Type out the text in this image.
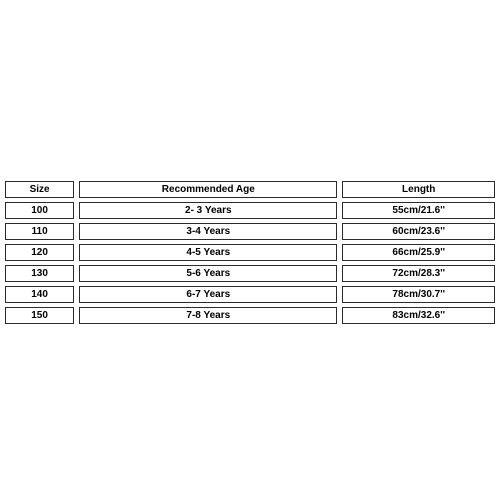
Size	Recommended Age	Length
100	2- 3 Years	55cm/21.6''
110	3-4 Years	60cm/23.6''
120	4-5 Years	66cm/25.9''
130	5-6 Years	72cm/28.3''
140	6-7 Years	78cm/30.7''
150	7-8 Years	83cm/32.6''
